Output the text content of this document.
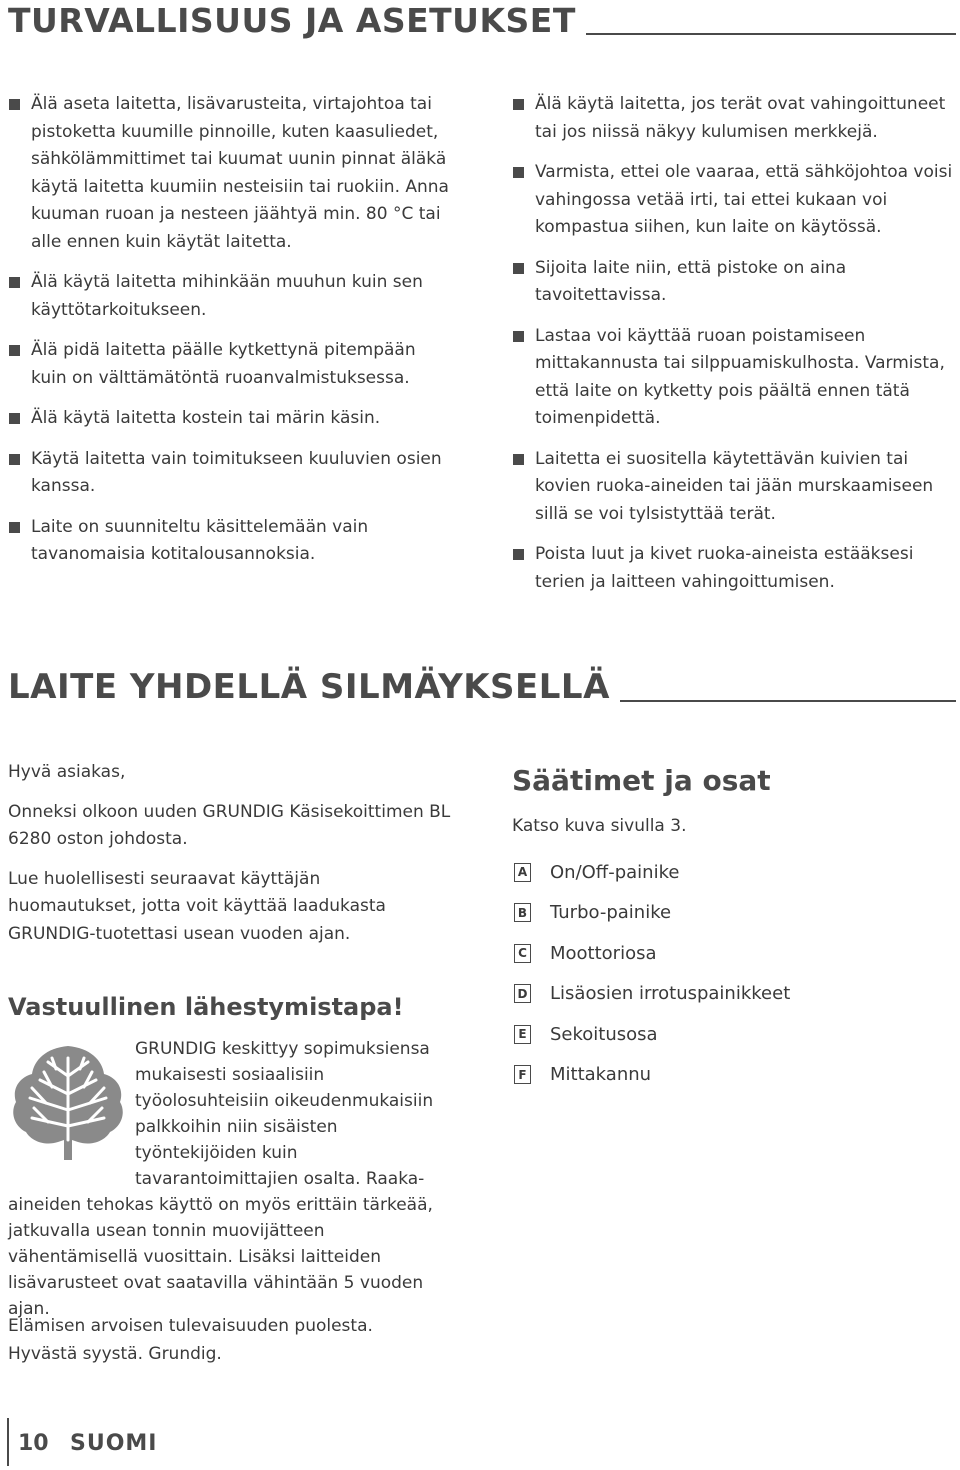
TURVALLISUUS JA ASETUKSET
Älä aseta laitetta, lisävarusteita, virtajohtoa tai pistoketta kuumille pinnoille, kuten kaasuliedet, sähkölämmittimet tai kuumat uunin pinnat äläkä käytä laitetta kuumiin nesteisiin tai ruokiin. Anna kuuman ruoan ja nesteen jäähtyä min. 80 °C tai alle ennen kuin käytät laitetta.
Älä käytä laitetta mihinkään muuhun kuin sen käyttötarkoitukseen.
Älä pidä laitetta päälle kytkettynä pitempään kuin on välttämätöntä ruoanvalmistuksessa.
Älä käytä laitetta kostein tai märin käsin.
Käytä laitetta vain toimitukseen kuuluvien osien kanssa.
Laite on suunniteltu käsittelemään vain tavanomaisia kotitalousannoksia.
Älä käytä laitetta, jos terät ovat vahingoittuneet tai jos niissä näkyy kulumisen merkkejä.
Varmista, ettei ole vaaraa, että sähköjohtoa voisi vahingossa vetää irti, tai ettei kukaan voi kompastua siihen, kun laite on käytössä.
Sijoita laite niin, että pistoke on aina tavoitettavissa.
Lastaa voi käyttää ruoan poistamiseen mittakannusta tai silppuamiskulhosta. Varmista, että laite on kytketty pois päältä ennen tätä toimenpidettä.
Laitetta ei suositella käytettävän kuivien tai kovien ruoka-aineiden tai jään murskaamiseen sillä se voi tylsistyttää terät.
Poista luut ja kivet ruoka-aineista estääksesi terien ja laitteen vahingoittumisen.
LAITE YHDELLÄ SILMÄYKSELLÄ

Hyvä asiakas,

Onneksi olkoon uuden GRUNDIG Käsisekoittimen BL 6280 oston johdosta.

Lue huolellisesti seuraavat käyttäjän huomautukset, jotta voit käyttää laadukasta GRUNDIG-tuotettasi usean vuoden ajan.

Vastuullinen lähestymistapa!
GRUNDIG keskittyy sopimuksiensa mukaisesti sosiaalisiin työolosuhteisiin oikeudenmukaisiin palkkoihin niin sisäisten työntekijöiden kuin tavarantoimittajien osalta. Raaka-aineiden tehokas käyttö on myös erittäin tärkeää, jatkuvalla usean tonnin muovijätteen vähentämisellä vuosittain. Lisäksi laitteiden lisävarusteet ovat saatavilla vähintään 5 vuoden ajan.
Elämisen arvoisen tulevaisuuden puolesta.
Hyvästä syystä. Grundig.
Säätimet ja osat
Katso kuva sivulla 3.
A On/Off-painike
B Turbo-painike
C Moottoriosa
D Lisäosien irrotuspainikkeet
E Sekoitusosa
F Mittakannu
10 SUOMI
